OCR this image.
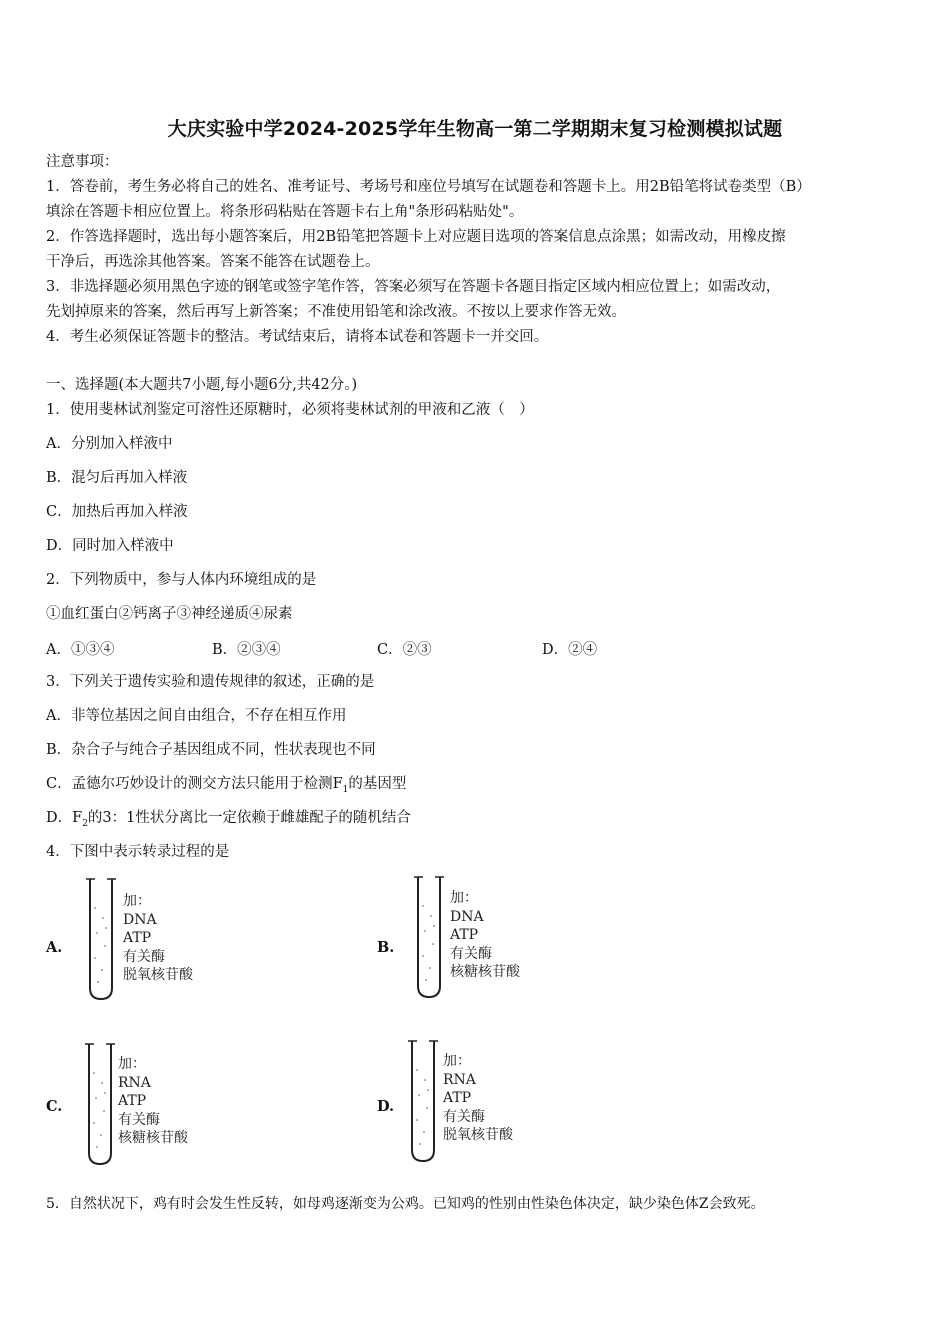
大庆实验中学2024-2025学年生物高一第二学期期末复习检测模拟试题
注意事项：
1．答卷前，考生务必将自己的姓名、准考证号、考场号和座位号填写在试题卷和答题卡上。用2B铅笔将试卷类型（B）
填涂在答题卡相应位置上。将条形码粘贴在答题卡右上角"条形码粘贴处"。
2．作答选择题时，选出每小题答案后，用2B铅笔把答题卡上对应题目选项的答案信息点涂黑；如需改动，用橡皮擦
干净后，再选涂其他答案。答案不能答在试题卷上。
3．非选择题必须用黑色字迹的钢笔或签字笔作答，答案必须写在答题卡各题目指定区域内相应位置上；如需改动，
先划掉原来的答案，然后再写上新答案；不准使用铅笔和涂改液。不按以上要求作答无效。
4．考生必须保证答题卡的整洁。考试结束后，请将本试卷和答题卡一并交回。
一、选择题(本大题共7小题,每小题6分,共42分。)
1．使用斐林试剂鉴定可溶性还原糖时，必须将斐林试剂的甲液和乙液（　）
A．分别加入样液中
B．混匀后再加入样液
C．加热后再加入样液
D．同时加入样液中
2．下列物质中，参与人体内环境组成的是
①血红蛋白②钙离子③神经递质④尿素
A．①③④	B．②③④	C．②③	D．②④
3．下列关于遗传实验和遗传规律的叙述，正确的是
A．非等位基因之间自由组合，不存在相互作用
B．杂合子与纯合子基因组成不同，性状表现也不同
C．孟德尔巧妙设计的测交方法只能用于检测$F_1$的基因型
D．$F_2$的3：1性状分离比一定依赖于雌雄配子的随机结合
4．下图中表示转录过程的是
A.
加：
DNA
ATP
有关酶
脱氧核苷酸
B.
加：
DNA
ATP
有关酶
核糖核苷酸
C.
加：
RNA
ATP
有关酶
核糖核苷酸
D.
加：
RNA
ATP
有关酶
脱氧核苷酸
5．自然状况下，鸡有时会发生性反转，如母鸡逐渐变为公鸡。已知鸡的性别由性染色体决定，缺少染色体Z会致死。
